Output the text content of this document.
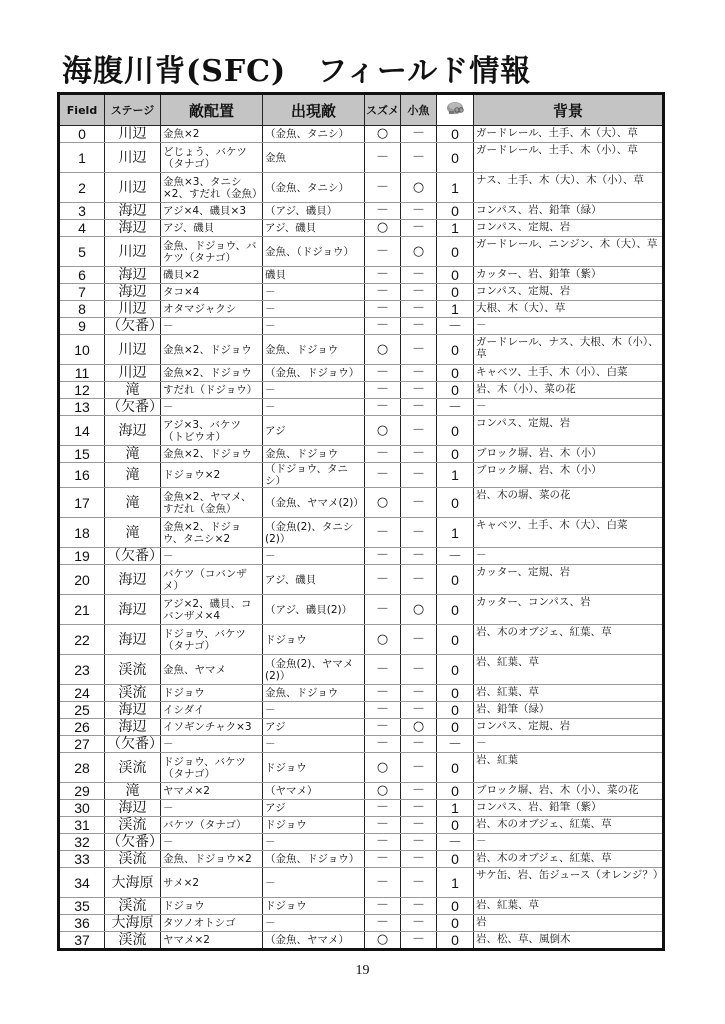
海腹川背(SFC)　フィールド情報
Field	ステージ	敵配置	出現敵	スズメ	小魚		背景
0	川辺	金魚×2	（金魚、タニシ）	○	－	0	ガードレール、土手、木（大）、草
1	川辺	どじょう、バケツ（タナゴ）	金魚	－	－	0	ガードレール、土手、木（小）、草
2	川辺	金魚×3、タニシ×2、すだれ（金魚）	（金魚、タニシ）	－	○	1	ナス、土手、木（大）、木（小）、草
3	海辺	アジ×4、磯貝×3	（アジ、磯貝）	－	－	0	コンパス、岩、鉛筆（緑）
4	海辺	アジ、磯貝	アジ、磯貝	○	－	1	コンパス、定規、岩
5	川辺	金魚、ドジョウ、バケツ（タナゴ）	金魚、（ドジョウ）	－	○	0	ガードレール、ニンジン、木（大）、草
6	海辺	磯貝×2	磯貝	－	－	0	カッター、岩、鉛筆（紫）
7	海辺	タコ×4	－	－	－	0	コンパス、定規、岩
8	川辺	オタマジャクシ	－	－	－	1	大根、木（大）、草
9	（欠番）	－	－	－	－	－	－
10	川辺	金魚×2、ドジョウ	金魚、ドジョウ	○	－	0	ガードレール、ナス、大根、木（小）、草
11	川辺	金魚×2、ドジョウ	（金魚、ドジョウ）	－	－	0	キャベツ、土手、木（小）、白菜
12	滝	すだれ（ドジョウ）	－	－	－	0	岩、木（小）、菜の花
13	（欠番）	－	－	－	－	－	－
14	海辺	アジ×3、バケツ（トビウオ）	アジ	○	－	0	コンパス、定規、岩
15	滝	金魚×2、ドジョウ	金魚、ドジョウ	－	－	0	ブロック塀、岩、木（小）
16	滝	ドジョウ×2	（ドジョウ、タニシ）	－	－	1	ブロック塀、岩、木（小）
17	滝	金魚×2、ヤマメ、すだれ（金魚）	（金魚、ヤマメ(2)）	○	－	0	岩、木の塀、菜の花
18	滝	金魚×2、ドジョウ、タニシ×2	（金魚(2)、タニシ(2)）	－	－	1	キャベツ、土手、木（大）、白菜
19	（欠番）	－	－	－	－	－	－
20	海辺	バケツ（コバンザメ）	アジ、磯貝	－	－	0	カッター、定規、岩
21	海辺	アジ×2、磯貝、コバンザメ×4	（アジ、磯貝(2)）	－	○	0	カッター、コンパス、岩
22	海辺	ドジョウ、バケツ（タナゴ）	ドジョウ	○	－	0	岩、木のオブジェ、紅葉、草
23	渓流	金魚、ヤマメ	（金魚(2)、ヤマメ(2)）	－	－	0	岩、紅葉、草
24	渓流	ドジョウ	金魚、ドジョウ	－	－	0	岩、紅葉、草
25	海辺	イシダイ	－	－	－	0	岩、鉛筆（緑）
26	海辺	イソギンチャク×3	アジ	－	○	0	コンパス、定規、岩
27	（欠番）	－	－	－	－	－	－
28	渓流	ドジョウ、バケツ（タナゴ）	ドジョウ	○	－	0	岩、紅葉
29	滝	ヤマメ×2	（ヤマメ）	○	－	0	ブロック塀、岩、木（小）、菜の花
30	海辺	－	アジ	－	－	1	コンパス、岩、鉛筆（紫）
31	渓流	バケツ（タナゴ）	ドジョウ	－	－	0	岩、木のオブジェ、紅葉、草
32	（欠番）	－	－	－	－	－	－
33	渓流	金魚、ドジョウ×2	（金魚、ドジョウ）	－	－	0	岩、木のオブジェ、紅葉、草
34	大海原	サメ×2	－	－	－	1	サケ缶、岩、缶ジュース（オレンジ？）
35	渓流	ドジョウ	ドジョウ	－	－	0	岩、紅葉、草
36	大海原	タツノオトシゴ	－	－	－	0	岩
37	渓流	ヤマメ×2	（金魚、ヤマメ）	○	－	0	岩、松、草、風倒木
19
